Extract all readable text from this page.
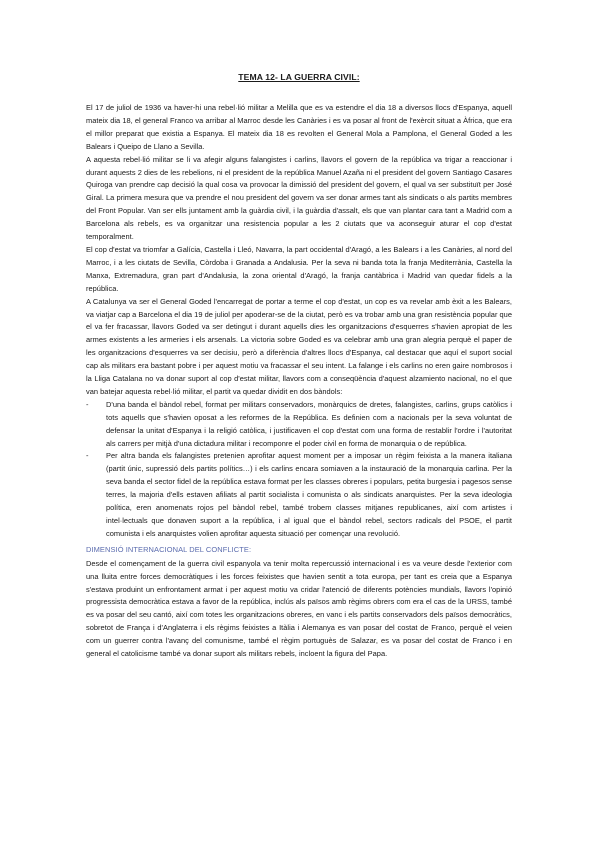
TEMA 12- LA GUERRA CIVIL:

El 17 de juliol de 1936 va haver-hi una rebel·lió militar a Melilla que es va estendre el dia 18 a diversos llocs d'Espanya, aquell mateix dia 18, el general Franco va arribar al Marroc desde les Canàries i es va posar al front de l'exèrcit situat a Àfrica, que era el millor preparat que existia a Espanya. El mateix dia 18 es revolten el General Mola a Pamplona, el General Goded a les Balears i Queipo de Llano a Sevilla.

A aquesta rebel·lió militar se li va afegir alguns falangistes i carlins, llavors el govern de la república va trigar a reaccionar i durant aquests 2 dies de les rebelions, ni el president de la república Manuel Azaña ni el president del govern Santiago Casares Quiroga van prendre cap decisió la qual cosa va provocar la dimissió del president del govern, el qual va ser substituït per José Giral. La primera mesura que va prendre el nou president del govern va ser donar armes tant als sindicats o als partits membres del Front Popular. Van ser ells juntament amb la guàrdia civil, i la guàrdia d'assalt, els que van plantar cara tant a Madrid com a Barcelona als rebels, es va organitzar una resistencia popular a les 2 ciutats que va aconseguir aturar el cop d'estat temporalment.

El cop d'estat va triomfar a Galícia, Castella i Lleó, Navarra, la part occidental d'Aragó, a les Balears i a les Canàries, al nord del Marroc, i a les ciutats de Sevilla, Còrdoba i Granada a Andalusia. Per la seva ni banda tota la franja Mediterrània, Castella la Manxa, Extremadura, gran part d'Andalusia, la zona oriental d'Aragó, la franja cantàbrica i Madrid van quedar fidels a la república.

A Catalunya va ser el General Goded l'encarregat de portar a terme el cop d'estat, un cop es va revelar amb èxit a les Balears, va viatjar cap a Barcelona el dia 19 de juliol per apoderar-se de la ciutat, però es va trobar amb una gran resistència popular que el va fer fracassar, llavors Goded va ser detingut i durant aquells dies les organitzacions d'esquerres s'havien apropiat de les armes existents a les armeries i els arsenals. La victoria sobre Goded es va celebrar amb una gran alegria perquè el paper de les organitzacions d'esquerres va ser decisiu, però a diferència d'altres llocs d'Espanya, cal destacar que aquí el suport social cap als militars era bastant pobre i per aquest motiu va fracassar el seu intent. La falange i els carlins no eren gaire nombrosos i la Lliga Catalana no va donar suport al cop d'estat militar, llavors com a conseqüència d'aquest alzamiento nacional, no el que van batejar aquesta rebel·lió militar, el partit va quedar dividit en dos bàndols:

- D'una banda el bàndol rebel, format per militars conservadors, monàrquics de dretes, falangistes, carlins, grups catòlics i tots aquells que s'havien oposat a les reformes de la República. Es definien com a nacionals per la seva voluntat de defensar la unitat d'Espanya i la religió catòlica, i justificaven el cop d'estat com una forma de restablir l'ordre i l'autoritat als carrers per mitjà d'una dictadura militar i recomponre el poder civil en forma de monarquia o de república.

- Per altra banda els falangistes pretenien aprofitar aquest moment per a imposar un règim feixista a la manera italiana (partit únic, supressió dels partits polítics…) i els carlins encara somiaven a la instauració de la monarquia carlina. Per la seva banda el sector fidel de la república estava format per les classes obreres i populars, petita burgesia i pagesos sense terres, la majoria d'ells estaven afiliats al partit socialista i comunista o als sindicats anarquistes. Per la seva ideologia política, eren anomenats rojos pel bàndol rebel, també trobem classes mitjanes republicanes, així com artistes i intel·lectuals que donaven suport a la república, i al igual que el bàndol rebel, sectors radicals del PSOE, el partit comunista i els anarquistes volien aprofitar aquesta situació per començar una revolució.

DIMENSIÓ INTERNACIONAL DEL CONFLICTE:

Desde el començament de la guerra civil espanyola va tenir molta repercussió internacional i es va veure desde l'exterior com una lluita entre forces democràtiques i les forces feixistes que havien sentit a tota europa, per tant es creia que a Espanya s'estava produint un enfrontament armat i per aquest motiu va cridar l'atenció de diferents potències mundials, llavors l'opinió progressista democràtica estava a favor de la república, inclús als països amb règims obrers com era el cas de la URSS, també es va posar del seu cantó, així com totes les organitzacions obreres, en vanc i els partits conservadors dels països democràtics, sobretot de França i d'Anglaterra i els règims feixistes a Itàlia i Alemanya es van posar del costat de Franco, perquè el veien com un guerrer contra l'avanç del comunisme, també el règim portuguès de Salazar, es va posar del costat de Franco i en general el catolicisme també va donar suport als militars rebels, incloent la figura del Papa.
